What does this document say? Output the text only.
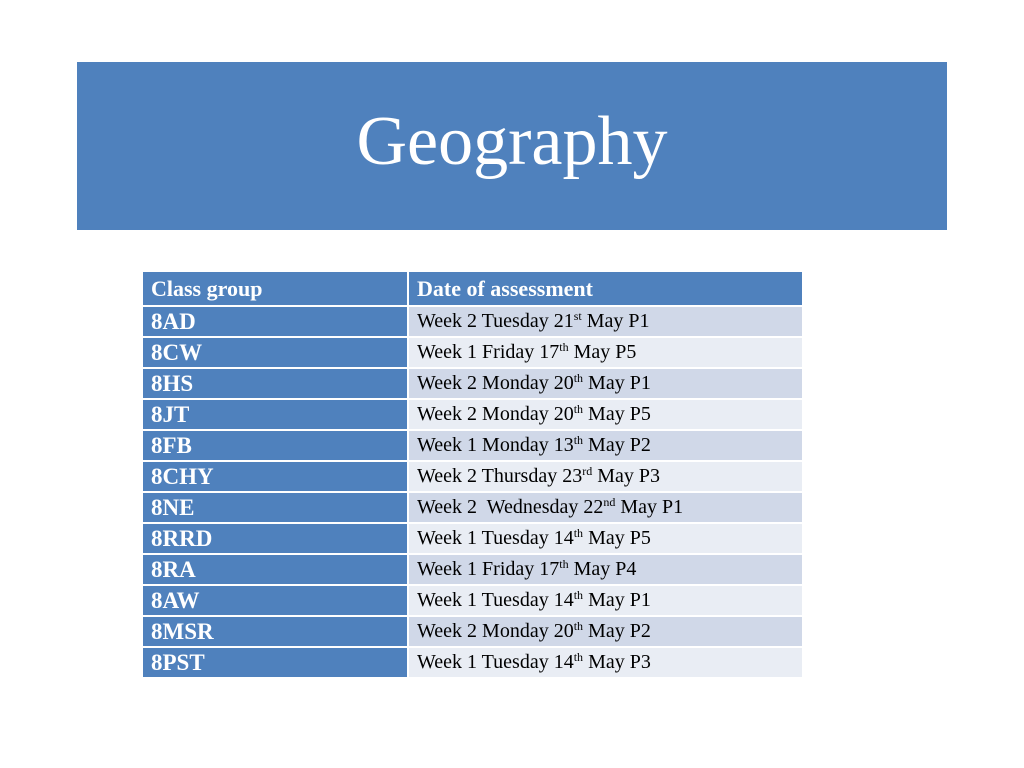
Geography
Class group	Date of assessment
8AD	Week 2 Tuesday 21st May P1
8CW	Week 1 Friday 17th May P5
8HS	Week 2 Monday 20th May P1
8JT	Week 2 Monday 20th May P5
8FB	Week 1 Monday 13th May P2
8CHY	Week 2 Thursday 23rd May P3
8NE	Week 2  Wednesday 22nd May P1
8RRD	Week 1 Tuesday 14th May P5
8RA	Week 1 Friday 17th May P4
8AW	Week 1 Tuesday 14th May P1
8MSR	Week 2 Monday 20th May P2
8PST	Week 1 Tuesday 14th May P3
